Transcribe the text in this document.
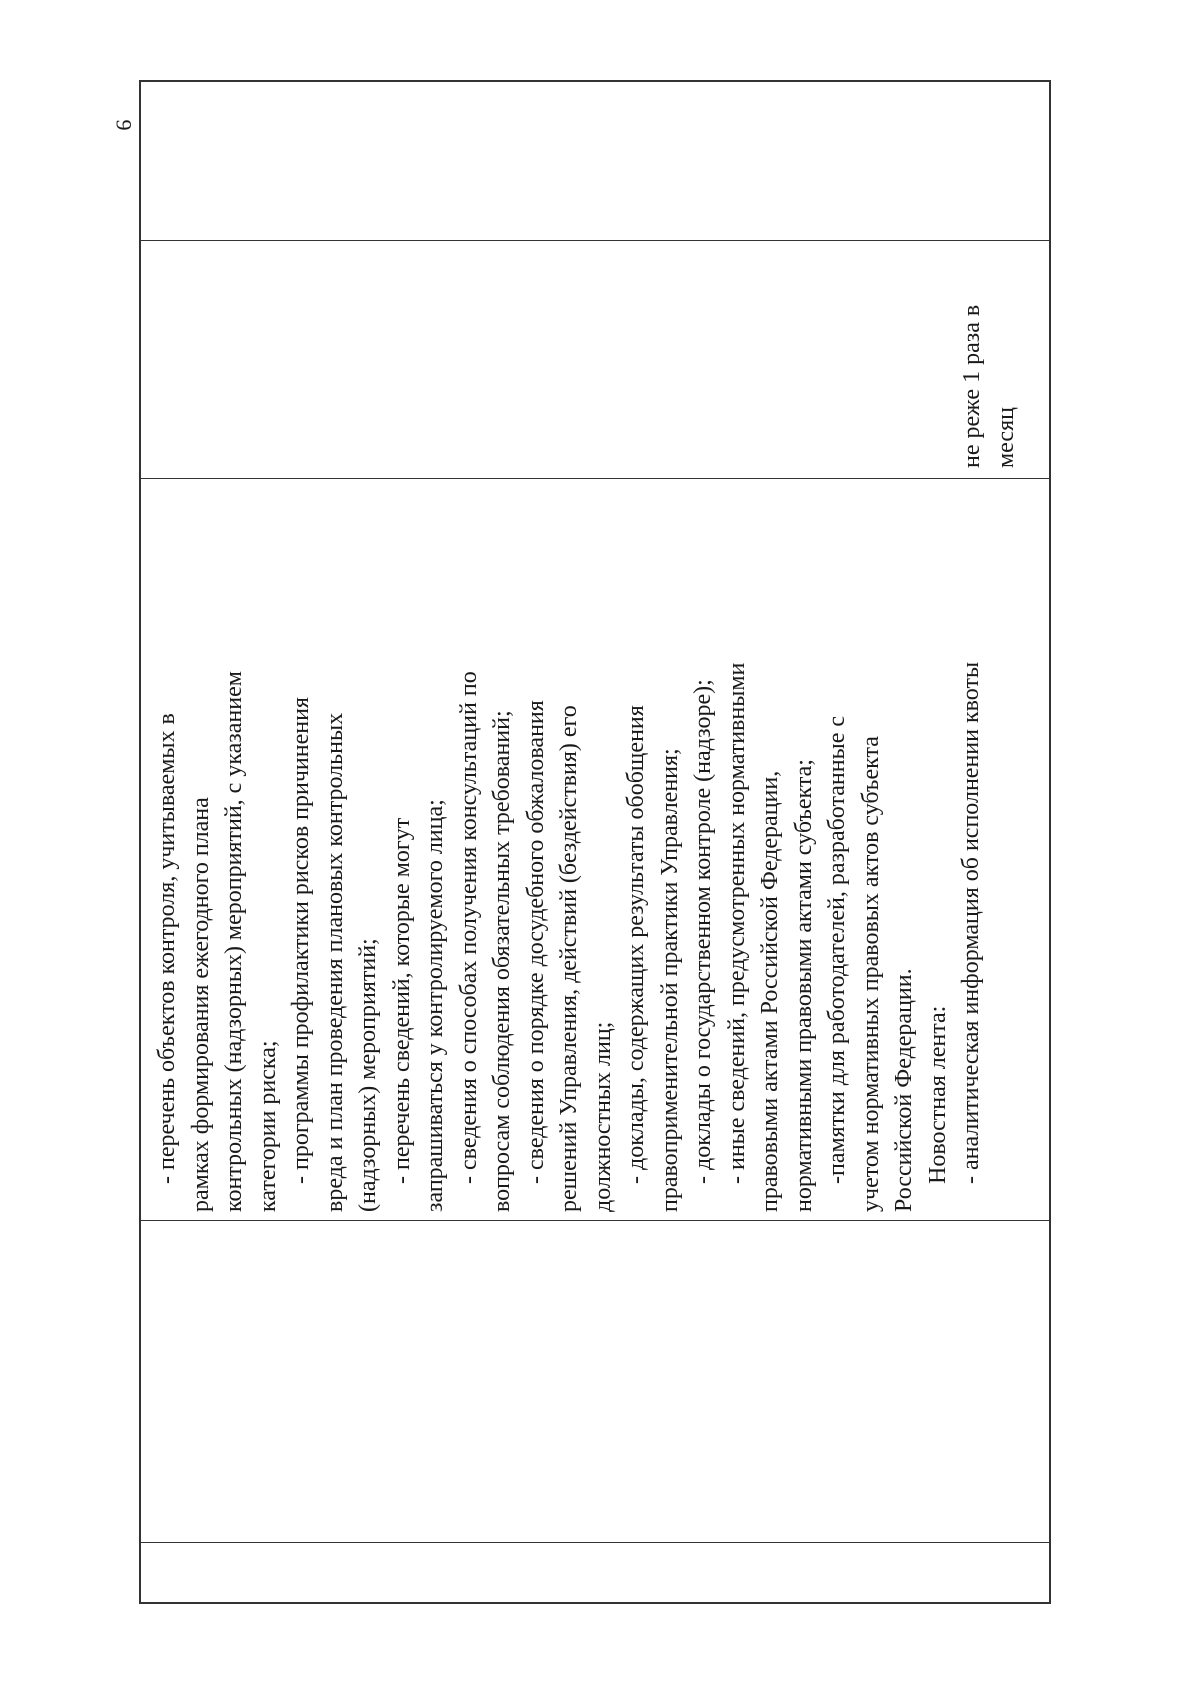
9
- перечень объектов контроля, учитываемых в рамках формирования ежегодного плана контрольных (надзорных) мероприятий, с указанием категории риска; - программы профилактики рисков причинения вреда и план проведения плановых контрольных (надзорных) мероприятий; - перечень сведений, которые могут запрашиваться у контролируемого лица; - сведения о способах получения консультаций по вопросам соблюдения обязательных требований; - сведения о порядке досудебного обжалования решений Управления, действий (бездействия) его должностных лиц; - доклады, содержащих результаты обобщения правоприменительной практики Управления; - доклады о государственном контроле (надзоре); - иные сведений, предусмотренных нормативными правовыми актами Российской Федерации, нормативными правовыми актами субъекта; -памятки для работодателей, разработанные с учетом нормативных правовых актов субъекта Российской Федерации. Новостная лента: - аналитическая информация об исполнении квоты
не реже 1 раза в месяц
